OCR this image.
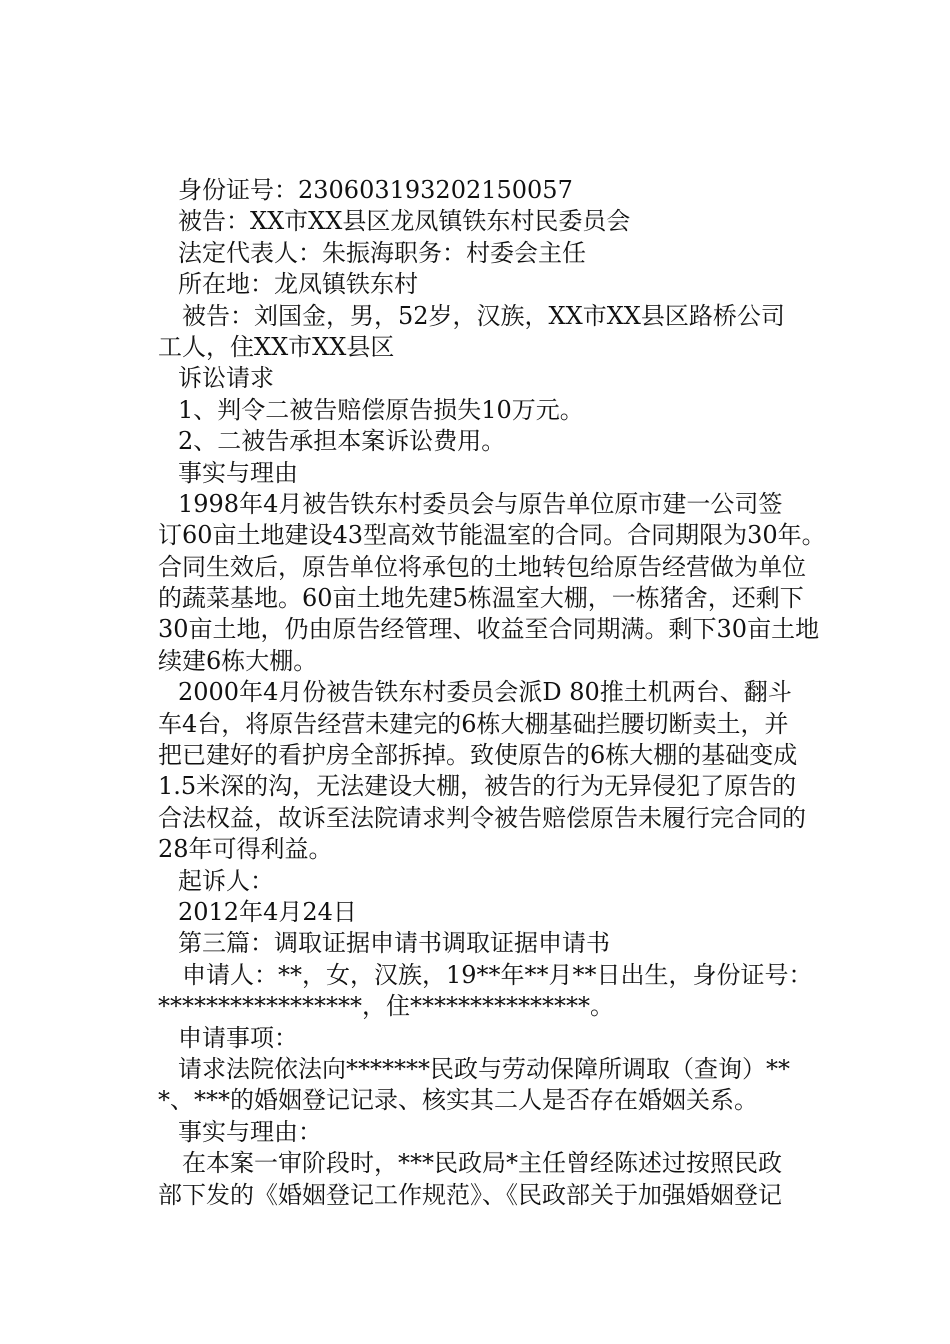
身份证号：230603193202150057
被告：XX市XX县区龙凤镇铁东村民委员会
法定代表人：朱振海职务：村委会主任
所在地：龙凤镇铁东村
被告：刘国金，男，52岁，汉族，XX市XX县区路桥公司
工人，住XX市XX县区
诉讼请求
1、判令二被告赔偿原告损失10万元。
2、二被告承担本案诉讼费用。
事实与理由
1998年4月被告铁东村委员会与原告单位原市建一公司签
订60亩土地建设43型高效节能温室的合同。合同期限为30年。
合同生效后，原告单位将承包的土地转包给原告经营做为单位
的蔬菜基地。60亩土地先建5栋温室大棚，一栋猪舍，还剩下
30亩土地，仍由原告经管理、收益至合同期满。剩下30亩土地
续建6栋大棚。
2000年4月份被告铁东村委员会派D 80推土机两台、翻斗
车4台，将原告经营未建完的6栋大棚基础拦腰切断卖土，并
把已建好的看护房全部拆掉。致使原告的6栋大棚的基础变成
1.5米深的沟，无法建设大棚，被告的行为无异侵犯了原告的
合法权益，故诉至法院请求判令被告赔偿原告未履行完合同的
28年可得利益。
起诉人：
2012年4月24日
第三篇：调取证据申请书调取证据申请书
申请人：**，女，汉族，19**年**月**日出生，身份证号：
*****************，住***************。
申请事项：
请求法院依法向*******民政与劳动保障所调取（查询）**
*、***的婚姻登记记录、核实其二人是否存在婚姻关系。
事实与理由：
在本案一审阶段时，***民政局*主任曾经陈述过按照民政
部下发的《婚姻登记工作规范》、《民政部关于加强婚姻登记
